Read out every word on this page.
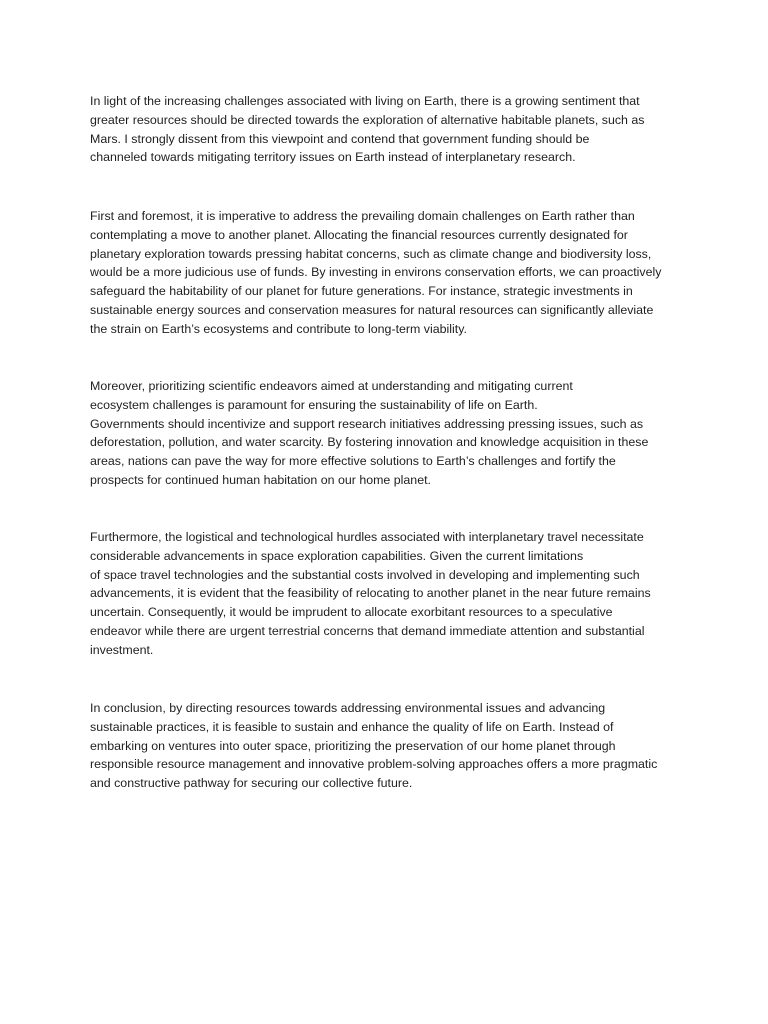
In light of the increasing challenges associated with living on Earth, there is a growing sentiment that
greater resources should be directed towards the exploration of alternative habitable planets, such as
Mars. I strongly dissent from this viewpoint and contend that government funding should be
channeled towards mitigating territory issues on Earth instead of interplanetary research.
First and foremost, it is imperative to address the prevailing domain challenges on Earth rather than
contemplating a move to another planet. Allocating the financial resources currently designated for
planetary exploration towards pressing habitat concerns, such as climate change and biodiversity loss,
would be a more judicious use of funds. By investing in environs conservation efforts, we can proactively
safeguard the habitability of our planet for future generations. For instance, strategic investments in
sustainable energy sources and conservation measures for natural resources can significantly alleviate
the strain on Earth’s ecosystems and contribute to long-term viability.
Moreover, prioritizing scientific endeavors aimed at understanding and mitigating current
ecosystem challenges is paramount for ensuring the sustainability of life on Earth.
Governments should incentivize and support research initiatives addressing pressing issues, such as
deforestation, pollution, and water scarcity. By fostering innovation and knowledge acquisition in these
areas, nations can pave the way for more effective solutions to Earth’s challenges and fortify the
prospects for continued human habitation on our home planet.
Furthermore, the logistical and technological hurdles associated with interplanetary travel necessitate
considerable advancements in space exploration capabilities. Given the current limitations
of space travel technologies and the substantial costs involved in developing and implementing such
advancements, it is evident that the feasibility of relocating to another planet in the near future remains
uncertain. Consequently, it would be imprudent to allocate exorbitant resources to a speculative
endeavor while there are urgent terrestrial concerns that demand immediate attention and substantial
investment.
In conclusion, by directing resources towards addressing environmental issues and advancing
sustainable practices, it is feasible to sustain and enhance the quality of life on Earth. Instead of
embarking on ventures into outer space, prioritizing the preservation of our home planet through
responsible resource management and innovative problem-solving approaches offers a more pragmatic
and constructive pathway for securing our collective future.
